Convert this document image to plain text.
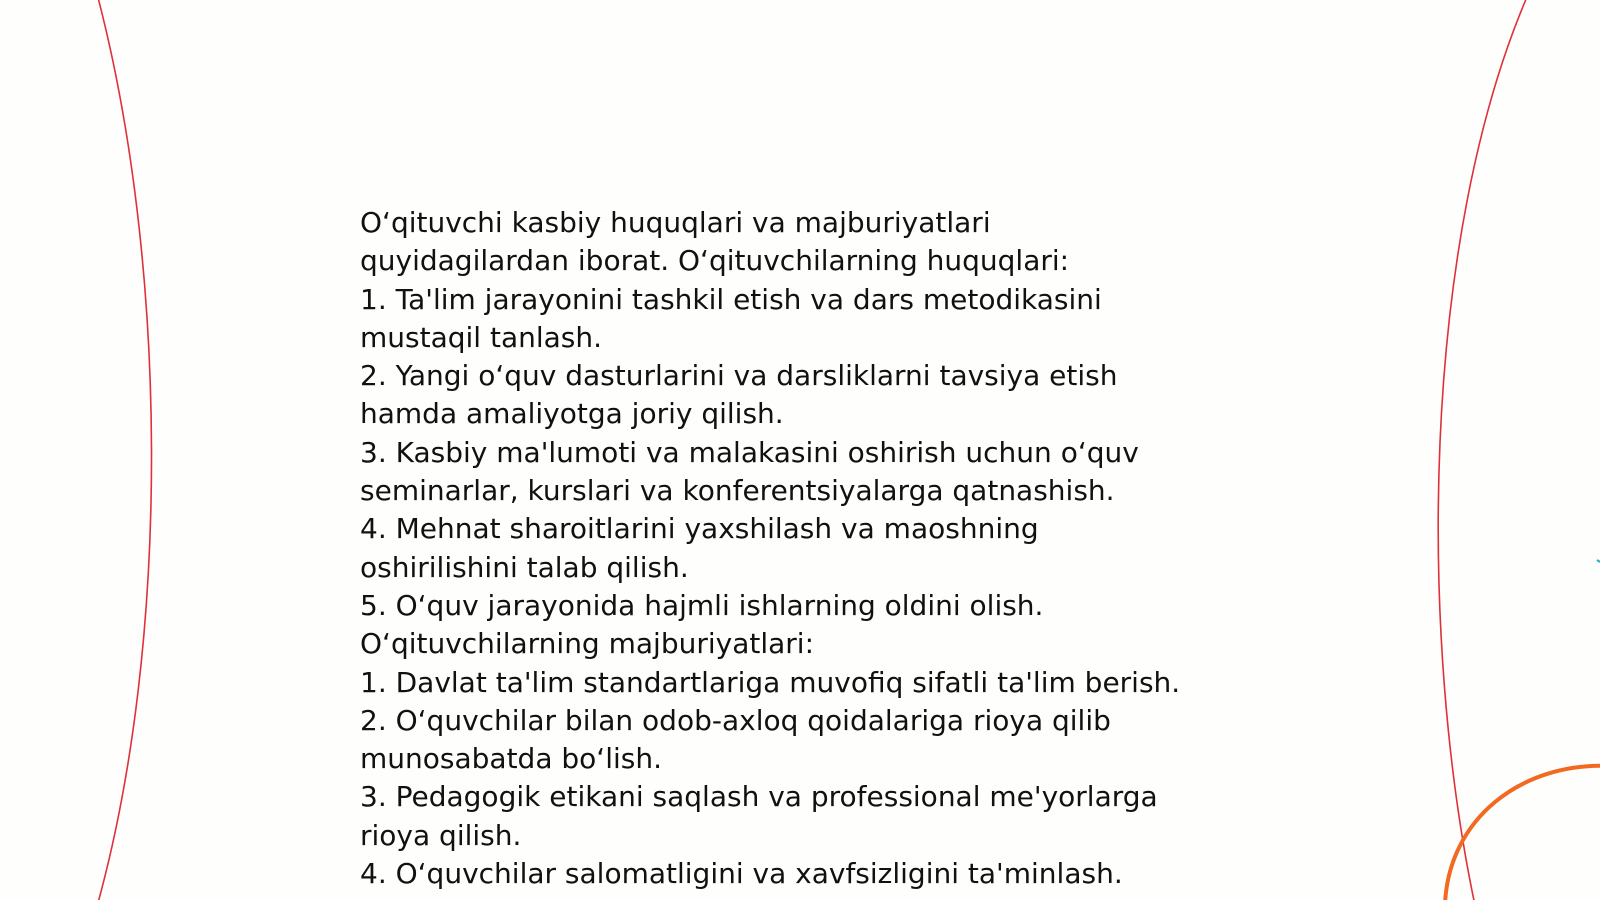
O‘qituvchi kasbiy huquqlari va majburiyatlari
quyidagilardan iborat. O‘qituvchilarning huquqlari:
1. Ta'lim jarayonini tashkil etish va dars metodikasini
mustaqil tanlash.
2. Yangi o‘quv dasturlarini va darsliklarni tavsiya etish
hamda amaliyotga joriy qilish.
3. Kasbiy ma'lumoti va malakasini oshirish uchun o‘quv
seminarlar, kurslari va konferentsiyalarga qatnashish.
4. Mehnat sharoitlarini yaxshilash va maoshning
oshirilishini talab qilish.
5. O‘quv jarayonida hajmli ishlarning oldini olish.
O‘qituvchilarning majburiyatlari:
1. Davlat ta'lim standartlariga muvofiq sifatli ta'lim berish.
2. O‘quvchilar bilan odob-axloq qoidalariga rioya qilib
munosabatda bo‘lish.
3. Pedagogik etikani saqlash va professional me'yorlarga
rioya qilish.
4. O‘quvchilar salomatligini va xavfsizligini ta'minlash.
